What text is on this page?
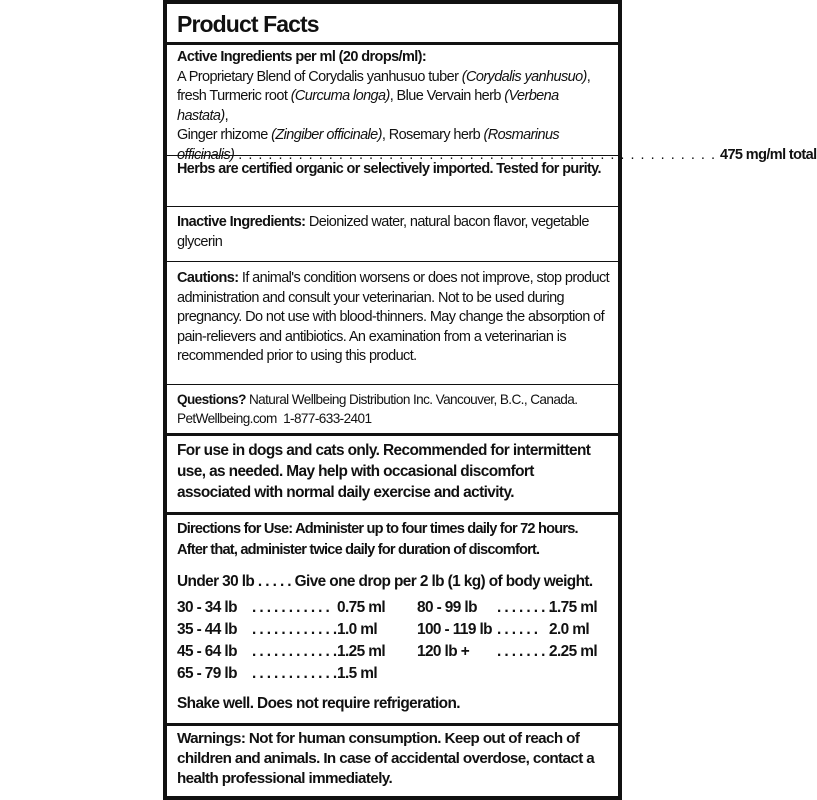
Product Facts
Active Ingredients per ml (20 drops/ml):
A Proprietary Blend of Corydalis yanhusuo tuber (Corydalis yanhusuo),
fresh Turmeric root (Curcuma longa), Blue Vervain herb (Verbena hastata),
Ginger rhizome (Zingiber officinale), Rosemary herb (Rosmarinus
officinalis) . . . . . . . . . . . . . . . . . . . . . . . . . . . . . . . . . . . . . . . . . . . . . . . . 475 mg/ml total
Herbs are certified organic or selectively imported. Tested for purity.
Inactive Ingredients: Deionized water, natural bacon flavor, vegetable glycerin
Cautions: If animal's condition worsens or does not improve, stop product administration and consult your veterinarian. Not to be used during pregnancy. Do not use with blood-thinners. May change the absorption of pain-relievers and antibiotics. An examination from a veterinarian is recommended prior to using this product.
Questions? Natural Wellbeing Distribution Inc. Vancouver, B.C., Canada.
PetWellbeing.com 1-877-633-2401
For use in dogs and cats only. Recommended for intermittent use, as needed. May help with occasional discomfort associated with normal daily exercise and activity.
Directions for Use: Administer up to four times daily for 72 hours. After that, administer twice daily for duration of discomfort.
Under 30 lb . . . . . Give one drop per 2 lb (1 kg) of body weight.
30 - 34 lb . . . . . . . . . . . 0.75 ml
35 - 44 lb . . . . . . . . . . . . 1.0 ml
45 - 64 lb . . . . . . . . . . . . 1.25 ml
65 - 79 lb . . . . . . . . . . . . 1.5 ml
80 - 99 lb . . . . . . . .
1.75 ml
100 - 119 lb . . . . . . 2.0 ml
120 lb + . . . . . . . .
2.25 ml
Shake well. Does not require refrigeration.
Warnings: Not for human consumption. Keep out of reach of children and animals. In case of accidental overdose, contact a health professional immediately.
